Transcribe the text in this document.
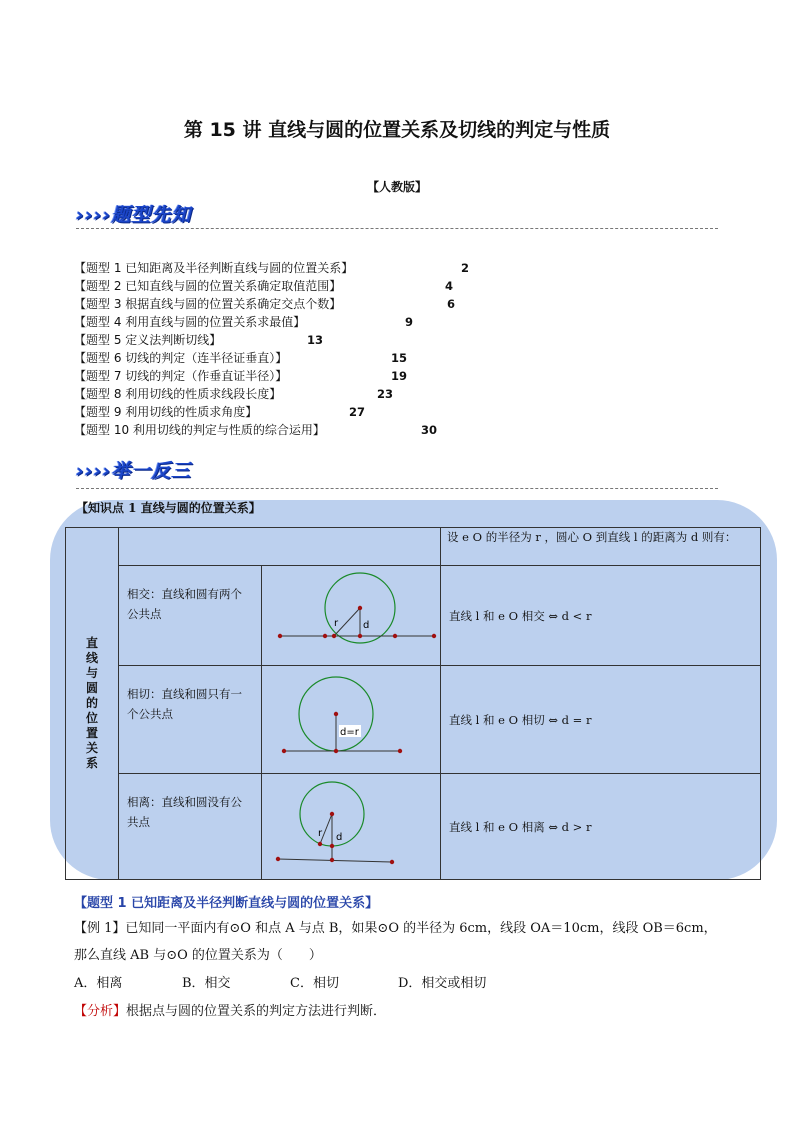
第 15 讲 直线与圆的位置关系及切线的判定与性质
【人教版】
››››题型先知
【题型 1 已知距离及半径判断直线与圆的位置关系】	2
【题型 2 已知直线与圆的位置关系确定取值范围】	4
【题型 3 根据直线与圆的位置关系确定交点个数】	6
【题型 4 利用直线与圆的位置关系求最值】	9
【题型 5 定义法判断切线】	13
【题型 6 切线的判定（连半径证垂直）】	15
【题型 7 切线的判定（作垂直证半径）】	19
【题型 8 利用切线的性质求线段长度】	23
【题型 9 利用切线的性质求角度】	27
【题型 10 利用切线的判定与性质的综合运用】	30
››››举一反三
【知识点 1 直线与圆的位置关系】
直线与圆的位置关系			设 e O 的半径为 r ，圆心 O 到直线 l 的距离为 d 则有：
	相交：直线和圆有两个公共点	r d	直线 l 和 e O 相交 ⇔ d < r
	相切：直线和圆只有一个公共点	d=r	直线 l 和 e O 相切 ⇔ d = r
	相离：直线和圆没有公共点	r d	直线 l 和 e O 相离 ⇔ d > r
【题型 1 已知距离及半径判断直线与圆的位置关系】
【例 1】已知同一平面内有⊙O 和点 A 与点 B，如果⊙O 的半径为 6cm，线段 OA＝10cm，线段 OB＝6cm，
那么直线 AB 与⊙O 的位置关系为（　　）
A．相离	B．相交	C．相切	D．相交或相切
【分析】根据点与圆的位置关系的判定方法进行判断．
